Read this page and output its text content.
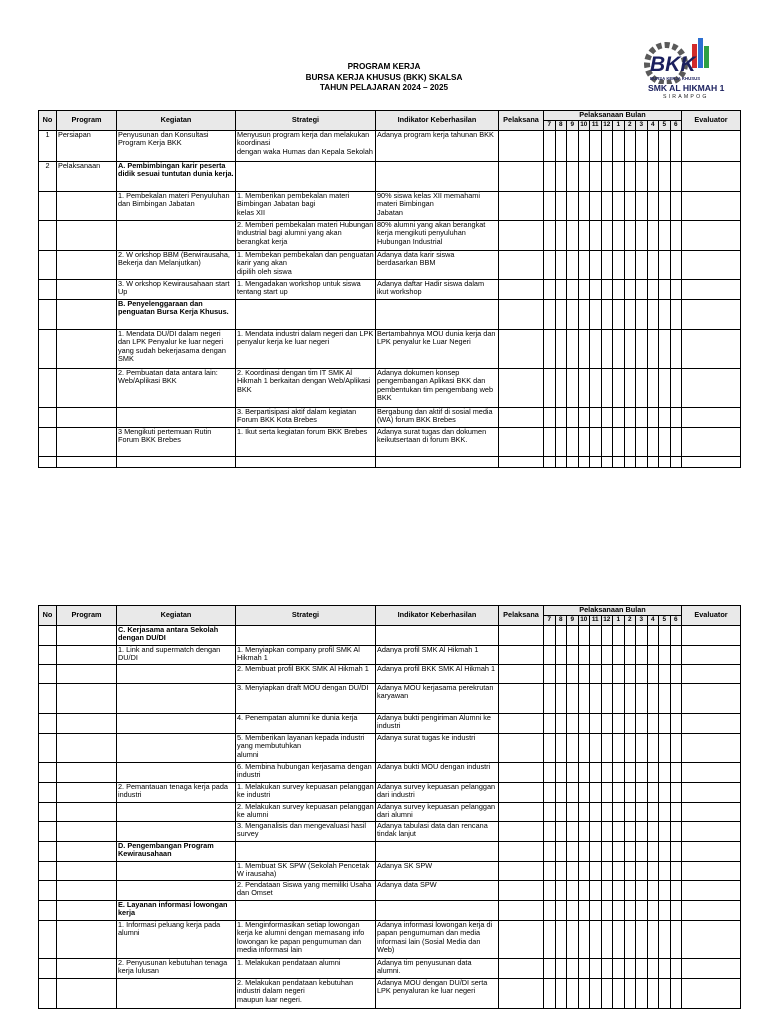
PROGRAM KERJA
BURSA KERJA KHUSUS (BKK) SKALSA
TAHUN PELAJARAN 2024 – 2025
BKK
BURSA KERJA KHUSUS
SMK AL HIKMAH 1
SIRAMPOG
No	Program	Kegiatan	Strategi	Indikator Keberhasilan	Pelaksana	Pelaksanaan Bulan												Evaluator
						7	8	9	10	11	12	1	2	3	4	5	6	
1	Persiapan	Penyusunan dan Konsultasi Program Kerja BKK	Menyusun program kerja dan melakukan koordinasi
dengan waka Humas dan Kepala Sekolah	Adanya program kerja tahunan BKK														

2	Pelaksanaan	A. Pembimbingan karir peserta didik sesuai tuntutan dunia kerja.																

		1. Pembekalan materi Penyuluhan dan Bimbingan Jabatan	1. Memberikan pembekalan materi Bimbingan Jabatan bagi
kelas XII	90% siswa kelas XII memahami materi Bimbingan
Jabatan														

			2. Memberi pembekalan materi Hubungan Industrial bagi alumni yang akan berangkat kerja	80% alumni yang akan berangkat kerja mengikuti penyuluhan Hubungan Industrial														

		2. W orkshop BBM (Berwirausaha, Bekerja dan Melanjutkan)	1. Membekan pembekalan dan penguatan karir yang akan
dipilih oleh siswa	Adanya data karir siswa berdasarkan BBM														

		3. W orkshop Kewirausahaan start Up	1. Mengadakan workshop untuk siswa tentang start up	Adanya daftar Hadir siswa dalam ikut workshop														

		B. Penyelenggaraan dan penguatan Bursa Kerja Khusus.																

		1. Mendata DU/DI dalam negeri dan LPK Penyalur ke luar negeri yang sudah bekerjasama dengan SMK	1. Mendata industri dalam negeri dan LPK penyalur kerja ke luar negeri	Bertambahnya MOU dunia kerja dan LPK penyalur ke Luar Negeri														

		2. Pembuatan data antara lain: Web/Aplikasi BKK	2. Koordinasi dengan tim IT SMK Al Hikmah 1 berkaitan dengan Web/Aplikasi BKK	Adanya dokumen konsep pengembangan Aplikasi BKK dan pembentukan tim pengembang web BKK														

			3. Berpartisipasi aktif dalam kegiatan Forum BKK Kota Brebes	Bergabung dan aktif di sosial media (WA) forum BKK Brebes														

		3 Mengikuti pertemuan Rutin Forum BKK Brebes	1. Ikut serta kegiatan forum BKK Brebes	Adanya surat tugas dan dokumen keikutsertaan di forum BKK.														

No	Program	Kegiatan	Strategi	Indikator Keberhasilan	Pelaksana	Pelaksanaan Bulan												Evaluator
						7	8	9	10	11	12	1	2	3	4	5	6	

		C. Kerjasama antara Sekolah dengan DU/DI																

		1. Link and supermatch dengan DU/DI	1. Menyiapkan company profil SMK Al Hikmah 1	Adanya profil SMK Al Hikmah 1														

			2. Membuat profil BKK SMK Al Hikmah 1	Adanya profil BKK SMK Al Hikmah 1														

			3. Menyiapkan draft MOU dengan DU/DI	Adanya MOU kerjasama perekrutan karyawan														

			4. Penempatan alumni ke dunia kerja	Adanya bukti pengiriman Alumni ke industri														

			5. Memberikan layanan kepada industri yang membutuhkan
alumni	Adanya surat tugas ke industri														

			6. Membina hubungan kerjasama dengan industri	Adanya bukti MOU dengan industri														

		2. Pemantauan tenaga kerja pada industri	1. Melakukan survey kepuasan pelanggan ke industri	Adanya survey kepuasan pelanggan dari industri														

			2. Melakukan survey kepuasan pelanggan ke alumni	Adanya survey kepuasan pelanggan dari alumni														

			3. Menganalisis dan mengevaluasi hasil survey	Adanya tabulasi data dan rencana tindak lanjut														

		D. Pengembangan Program Kewirausahaan																

			1. Membuat SK SPW (Sekolah Pencetak W irausaha)	Adanya SK SPW														

			2. Pendataan Siswa yang memiliki Usaha dan Omset	Adanya data SPW														

		E. Layanan informasi lowongan kerja																

		1. Informasi peluang kerja pada alumni	1. Menginformasikan setiap lowongan kerja ke alumni dengan memasang info lowongan ke papan pengumuman dan media informasi lain	Adanya informasi lowongan kerja di papan pengumuman dan media informasi lain (Sosial Media dan Web)														

		2. Penyusunan kebutuhan tenaga kerja lulusan	1. Melakukan pendataan alumni	Adanya tim penyusunan data alumni.														

			2. Melakukan pendataan kebutuhan industri dalam negeri
maupun luar negeri.	Adanya MOU dengan DU/DI serta LPK penyaluran ke luar negeri														
